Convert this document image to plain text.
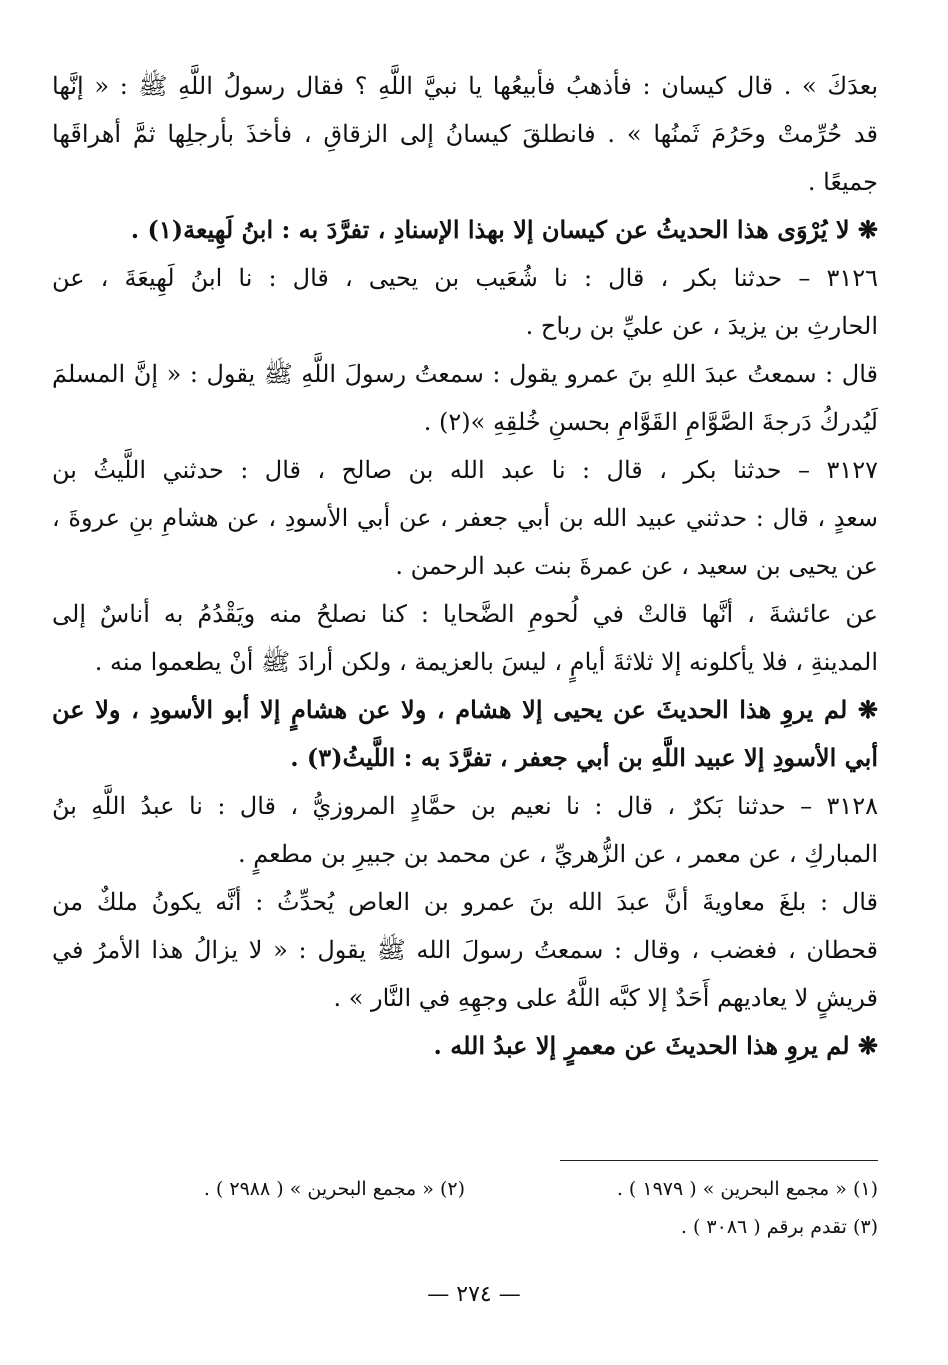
بعدَكَ » . قال كيسان : فأذهبُ فأبيعُها يا نبيَّ اللَّهِ ؟ فقال رسولُ اللَّهِ ﷺ : « إنَّها
قد حُرِّمتْ وحَرُمَ ثَمنُها » . فانطلقَ كيسانُ إلى الزقاقِ ، فأخذَ بأرجلِها ثمَّ أهراقَها
جميعًا .
❋ لا يُرْوَى هذا الحديثُ عن كيسان إلا بهذا الإسنادِ ، تفرَّدَ به : ابنُ لَهِيعة(١) .
٣١٢٦ – حدثنا بكر ، قال : نا شُعَيب بن يحيى ، قال : نا ابنُ لَهِيعَةَ ، عن
الحارثِ بن يزيدَ ، عن عليِّ بن رباح .
قال : سمعتُ عبدَ اللهِ بنَ عمرو يقول : سمعتُ رسولَ اللَّهِ ﷺ يقول : « إنَّ المسلمَ
لَيُدركُ دَرجةَ الصَّوَّامِ القَوَّامِ بحسنِ خُلقِهِ »(٢) .
٣١٢٧ – حدثنا بكر ، قال : نا عبد الله بن صالح ، قال : حدثني اللَّيثُ بن
سعدٍ ، قال : حدثني عبيد الله بن أبي جعفر ، عن أبي الأسودِ ، عن هشامِ بنِ عروةَ ،
عن يحيى بن سعيد ، عن عمرةَ بنت عبد الرحمن .
عن عائشةَ ، أنَّها قالتْ في لُحومِ الضَّحايا : كنا نصلحُ منه ويَقْدُمُ به أناسٌ إلى
المدينةِ ، فلا يأكلونه إلا ثلاثةَ أيامٍ ، ليسَ بالعزيمة ، ولكن أرادَ ﷺ أنْ يطعموا منه .
❋ لم يروِ هذا الحديثَ عن يحيى إلا هشام ، ولا عن هشامٍ إلا أبو الأسودِ ، ولا عن
أبي الأسودِ إلا عبيد اللَّهِ بن أبي جعفر ، تفرَّدَ به : اللَّيثُ(٣) .
٣١٢٨ – حدثنا بَكرٌ ، قال : نا نعيم بن حمَّادٍ المروزيُّ ، قال : نا عبدُ اللَّهِ بنُ
المباركِ ، عن معمر ، عن الزُّهريِّ ، عن محمد بن جبيرِ بن مطعمٍ .
قال : بلغَ معاويةَ أنَّ عبدَ الله بنَ عمرو بن العاص يُحدِّثُ : أنَّه يكونُ ملكٌ من
قحطان ، فغضب ، وقال : سمعتُ رسولَ الله ﷺ يقول : « لا يزالُ هذا الأمرُ في
قريشٍ لا يعاديهم أَحَدٌ إلا كبَّه اللَّهُ على وجهِهِ في النَّار » .
❋ لم يروِ هذا الحديثَ عن معمرٍ إلا عبدُ الله .
(١) « مجمع البحرين » ( ١٩٧٩ ) .
(٢) « مجمع البحرين » ( ٢٩٨٨ ) .
(٣) تقدم برقم ( ٣٠٨٦ ) .
— ٢٧٤ —
